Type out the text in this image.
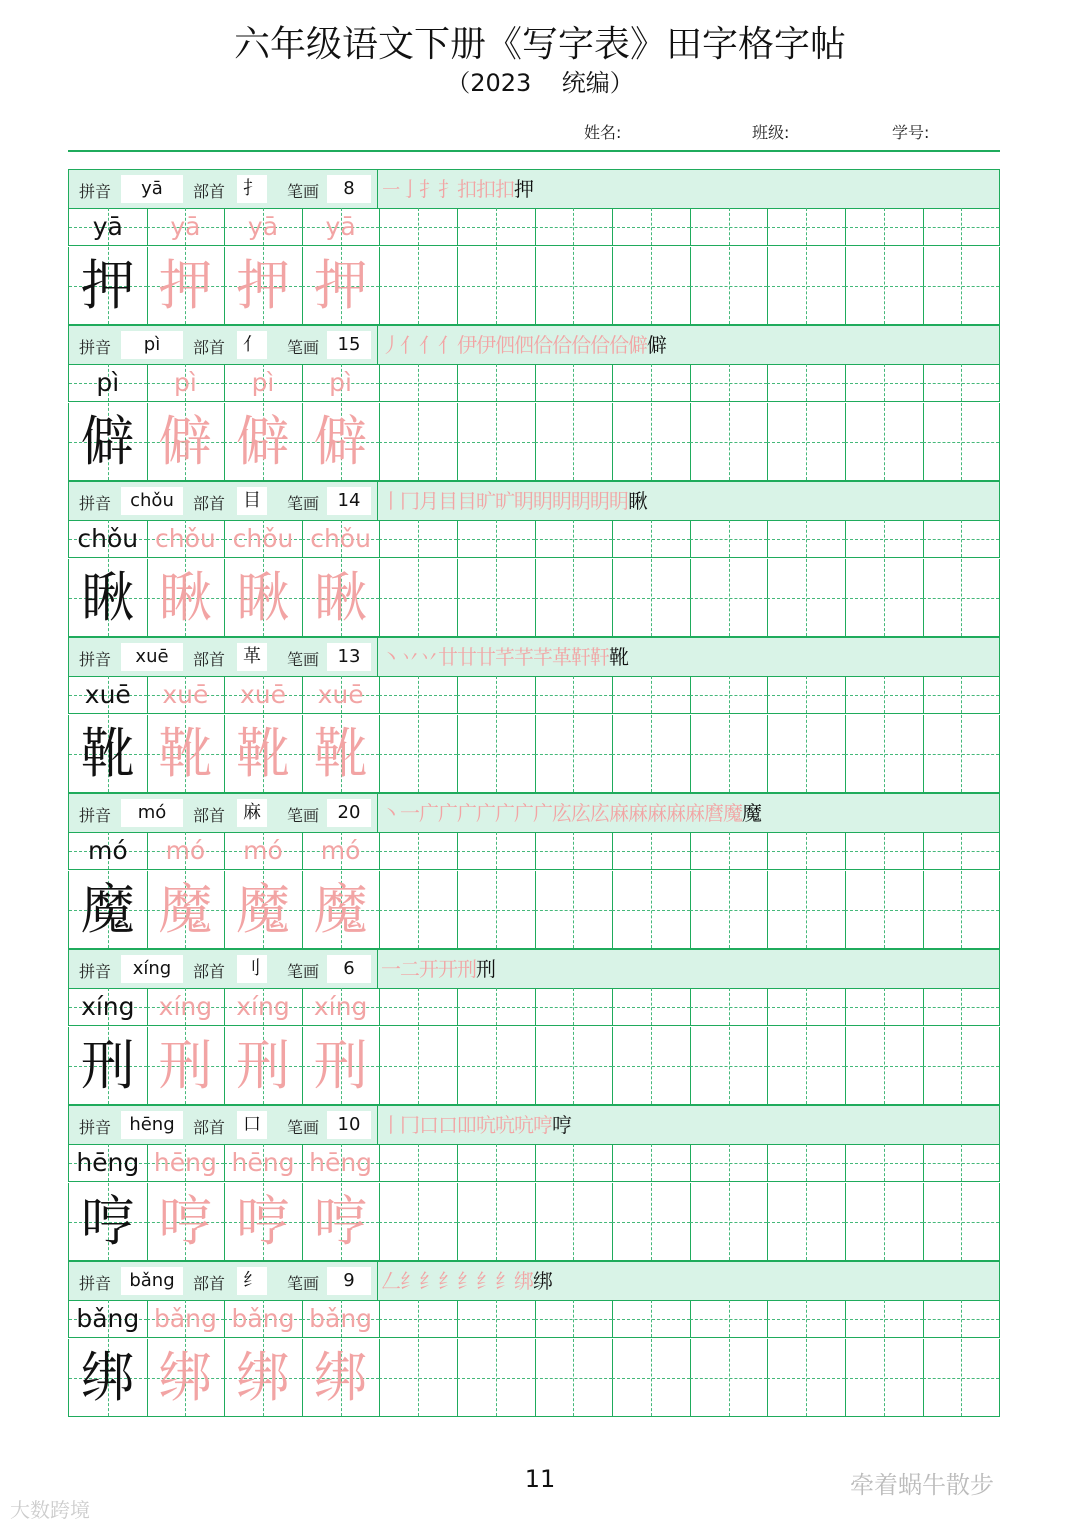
六年级语文下册《写字表》田字格字帖
（2023    统编）
姓名:	班级:	学号:
拼音	yā	部首 扌	笔画	8	㇐亅扌扌扣扣扣押
yā	yā	yā	yā
押 押 押 押
拼音	pì	部首 亻	笔画	15	丿亻亻亻伊伊伵伵佮佮佮佮佮僻僻
pì	pì	pì	pì
僻 僻 僻 僻
拼音	chǒu	部首 目	笔画	14	丨冂月目目旷旷眀眀眀眀眀眀瞅
chǒu chǒu chǒu chǒu
瞅 瞅 瞅 瞅
拼音	xuē	部首 革	笔画	13	丶丷丷廿廿廿芊芊芊革靬靬靴
xuē	xuē	xuē	xuē
靴 靴 靴 靴
拼音	mó	部首 麻	笔画	20	丶一广广广广广广广庅庅庅麻麻麻麻麻麿魔魔
mó	mó	mó	mó
魔 魔 魔 魔
拼音	xíng	部首 刂	笔画	6	一二开开刑刑
xíng xíng xíng xíng
刑 刑 刑 刑
拼音	hēng	部首 口	笔画	10	丨冂口口吅吭吭吭哼哼
hēng hēng hēng hēng
哼 哼 哼 哼
拼音	bǎng	部首 纟	笔画	9	𠃋纟纟纟纟纟纟绑绑
bǎng bǎng bǎng bǎng
绑 绑 绑 绑
11	牵着蜗牛散步
大数跨境
